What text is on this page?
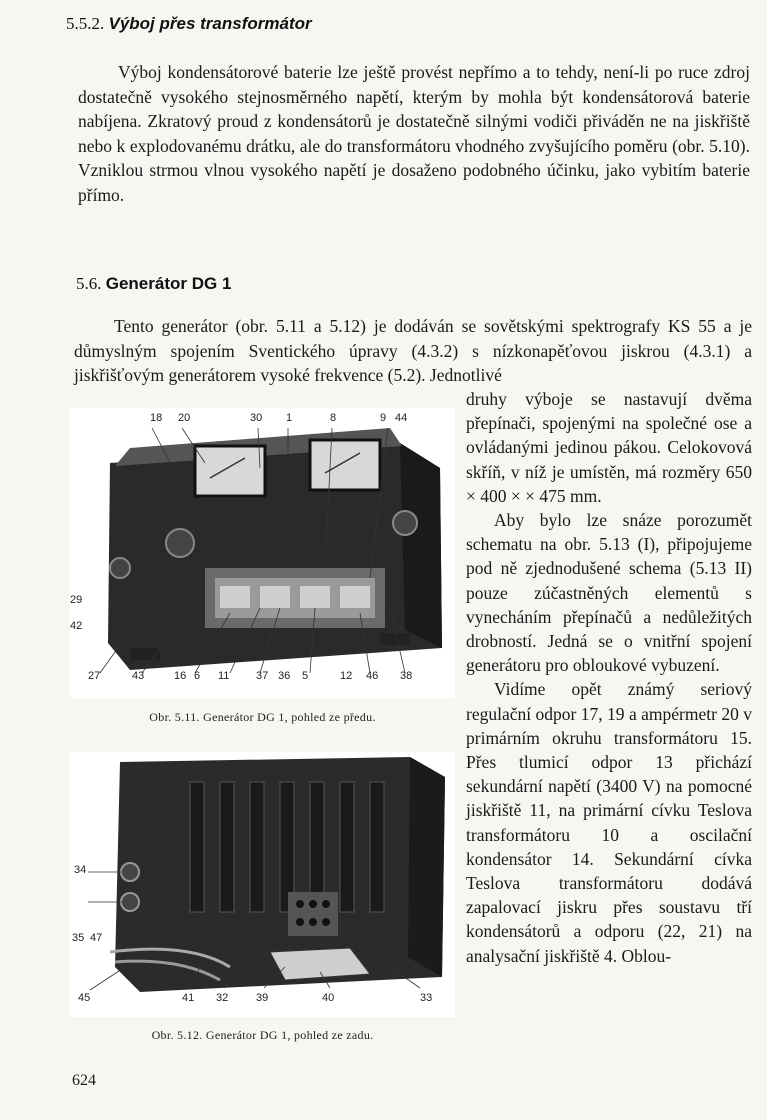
5.5.2. Výboj přes transformátor

Výboj kondensátorové baterie lze ještě provést nepřímo a to tehdy, není-li po ruce zdroj dostatečně vysokého stejnosměrného napětí, kterým by mohla být kondensátorová baterie nabíjena. Zkratový proud z kondensátorů je dostatečně silnými vodiči přiváděn ne na jiskřiště nebo k explodovanému drátku, ale do transformátoru vhodného zvyšujícího poměru (obr. 5.10). Vzniklou strmou vlnou vysokého napětí je dosaženo podobného účinku, jako vybitím baterie přímo.

5.6. Generátor DG 1

Tento generátor (obr. 5.11 a 5.12) je dodáván se sovětskými spektrografy KS 55 a je důmyslným spojením Sventického úpravy (4.3.2) s nízkonapěťovou jiskrou (4.3.1) a jiskřišťovým generátorem vysoké frekvence (5.2). Jednotlivé

druhy výboje se nastavují dvěma přepínači, spojenými na společné ose a ovládanými jedinou pákou. Celokovová skříň, v níž je umístěn, má rozměry 650 × 400 × × 475 mm.

Aby bylo lze snáze porozumět schematu na obr. 5.13 (I), připojujeme pod ně zjednodušené schema (5.13 II) pouze zúčastněných elementů s vynecháním přepínačů a nedůležitých drobností. Jedná se o vnitřní spojení generátoru pro obloukové vybuzení.

Vidíme opět známý seriový regulační odpor 17, 19 a ampérmetr 20 v primárním okruhu transformátoru 15. Přes tlumicí odpor 13 přichází sekundární napětí (3400 V) na pomocné jiskřiště 11, na primární cívku Teslova transformátoru 10 a oscilační kondensátor 14. Sekundární cívka Teslova transformátoru dodává zapalovací jiskru přes soustavu tří kondensátorů a odporu (22, 21) na analysační jiskřiště 4. Oblou-

18 20	30 1	8	9 44
29
42
27	43	16 6 11 37 36 5	12 46 38
Obr. 5.11. Generátor DG 1, pohled ze předu.
34
35 47
45	41 32	39	40	33
Obr. 5.12. Generátor DG 1, pohled ze zadu.
624
